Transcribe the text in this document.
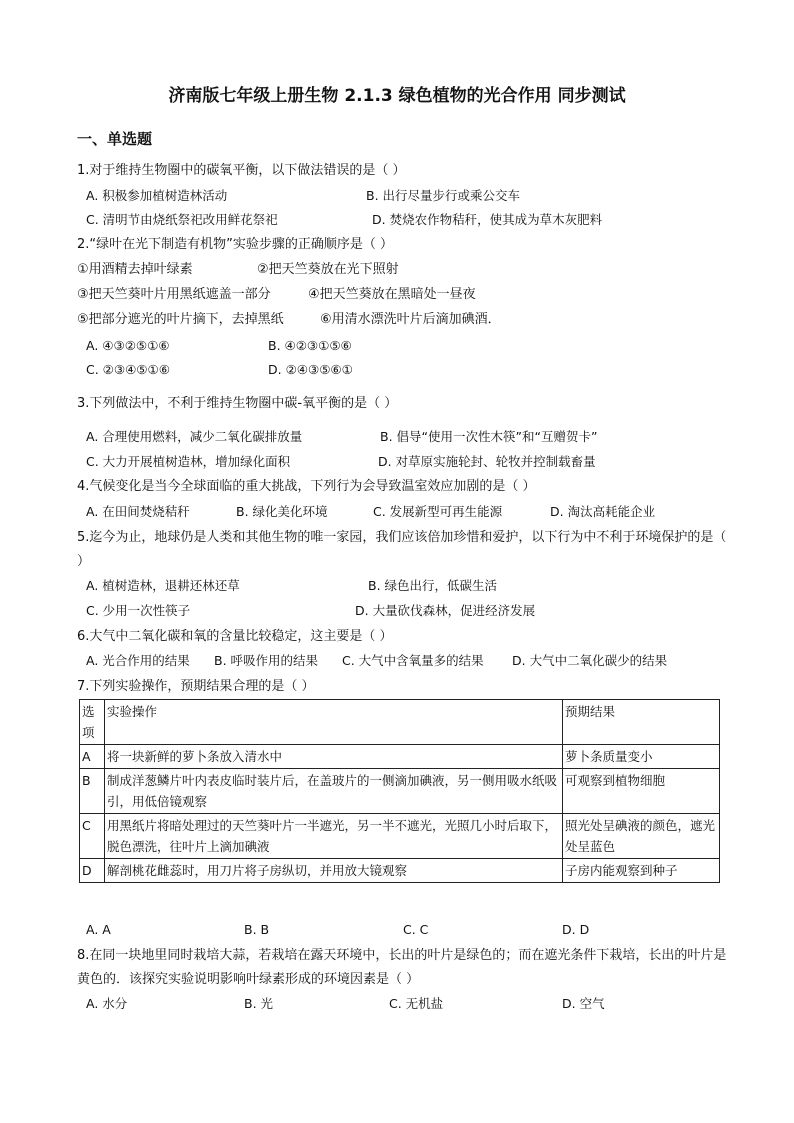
济南版七年级上册生物 2.1.3 绿色植物的光合作用 同步测试
一、单选题

1.对于维持生物圈中的碳氧平衡，以下做法错误的是（ ）

A. 积极参加植树造林活动	B. 出行尽量步行或乘公交车
C. 清明节由烧纸祭祀改用鲜花祭祀	D. 焚烧农作物秸秆，使其成为草木灰肥料

2.“绿叶在光下制造有机物”实验步骤的正确顺序是（ ）

①用酒精去掉叶绿素	②把天竺葵放在光下照射
③把天竺葵叶片用黑纸遮盖一部分	④把天竺葵放在黑暗处一昼夜
⑤把部分遮光的叶片摘下，去掉黑纸	⑥用清水漂洗叶片后滴加碘酒．
A. ④③②⑤①⑥	B. ④②③①⑤⑥
C. ②③④⑤①⑥	D. ②④③⑤⑥①

3.下列做法中，不利于维持生物圈中碳-氧平衡的是（ ）

A. 合理使用燃料，减少二氧化碳排放量	B. 倡导“使用一次性木筷”和“互赠贺卡”
C. 大力开展植树造林，增加绿化面积	D. 对草原实施轮封、轮牧并控制载畜量

4.气候变化是当今全球面临的重大挑战，下列行为会导致温室效应加剧的是（ ）

A. 在田间焚烧秸秆	B. 绿化美化环境	C. 发展新型可再生能源	D. 淘汰高耗能企业

5.迄今为止，地球仍是人类和其他生物的唯一家园，我们应该倍加珍惜和爱护，以下行为中不利于环境保护的是（ ）

A. 植树造林，退耕还林还草	B. 绿色出行，低碳生活
C. 少用一次性筷子	D. 大量砍伐森林，促进经济发展

6.大气中二氧化碳和氧的含量比较稳定，这主要是（ ）

A. 光合作用的结果 B. 呼吸作用的结果 C. 大气中含氧量多的结果 D. 大气中二氧化碳少的结果

7.下列实验操作，预期结果合理的是（ ）

选项	实验操作	预期结果
A	将一块新鲜的萝卜条放入清水中	萝卜条质量变小
B	制成洋葱鳞片叶内表皮临时装片后，在盖玻片的一侧滴加碘液，另一侧用吸水纸吸引，用低倍镜观察	可观察到植物细胞
C	用黑纸片将暗处理过的天竺葵叶片一半遮光，另一半不遮光，光照几小时后取下，脱色漂洗，往叶片上滴加碘液	照光处呈碘液的颜色，遮光处呈蓝色
D	解剖桃花雌蕊时，用刀片将子房纵切，并用放大镜观察	子房内能观察到种子
A. A	B. B	C. C	D. D

8.在同一块地里同时栽培大蒜，若栽培在露天环境中，长出的叶片是绿色的；而在遮光条件下栽培，长出的叶片是黄色的．该探究实验说明影响叶绿素形成的环境因素是（ ）

A. 水分	B. 光	C. 无机盐	D. 空气
